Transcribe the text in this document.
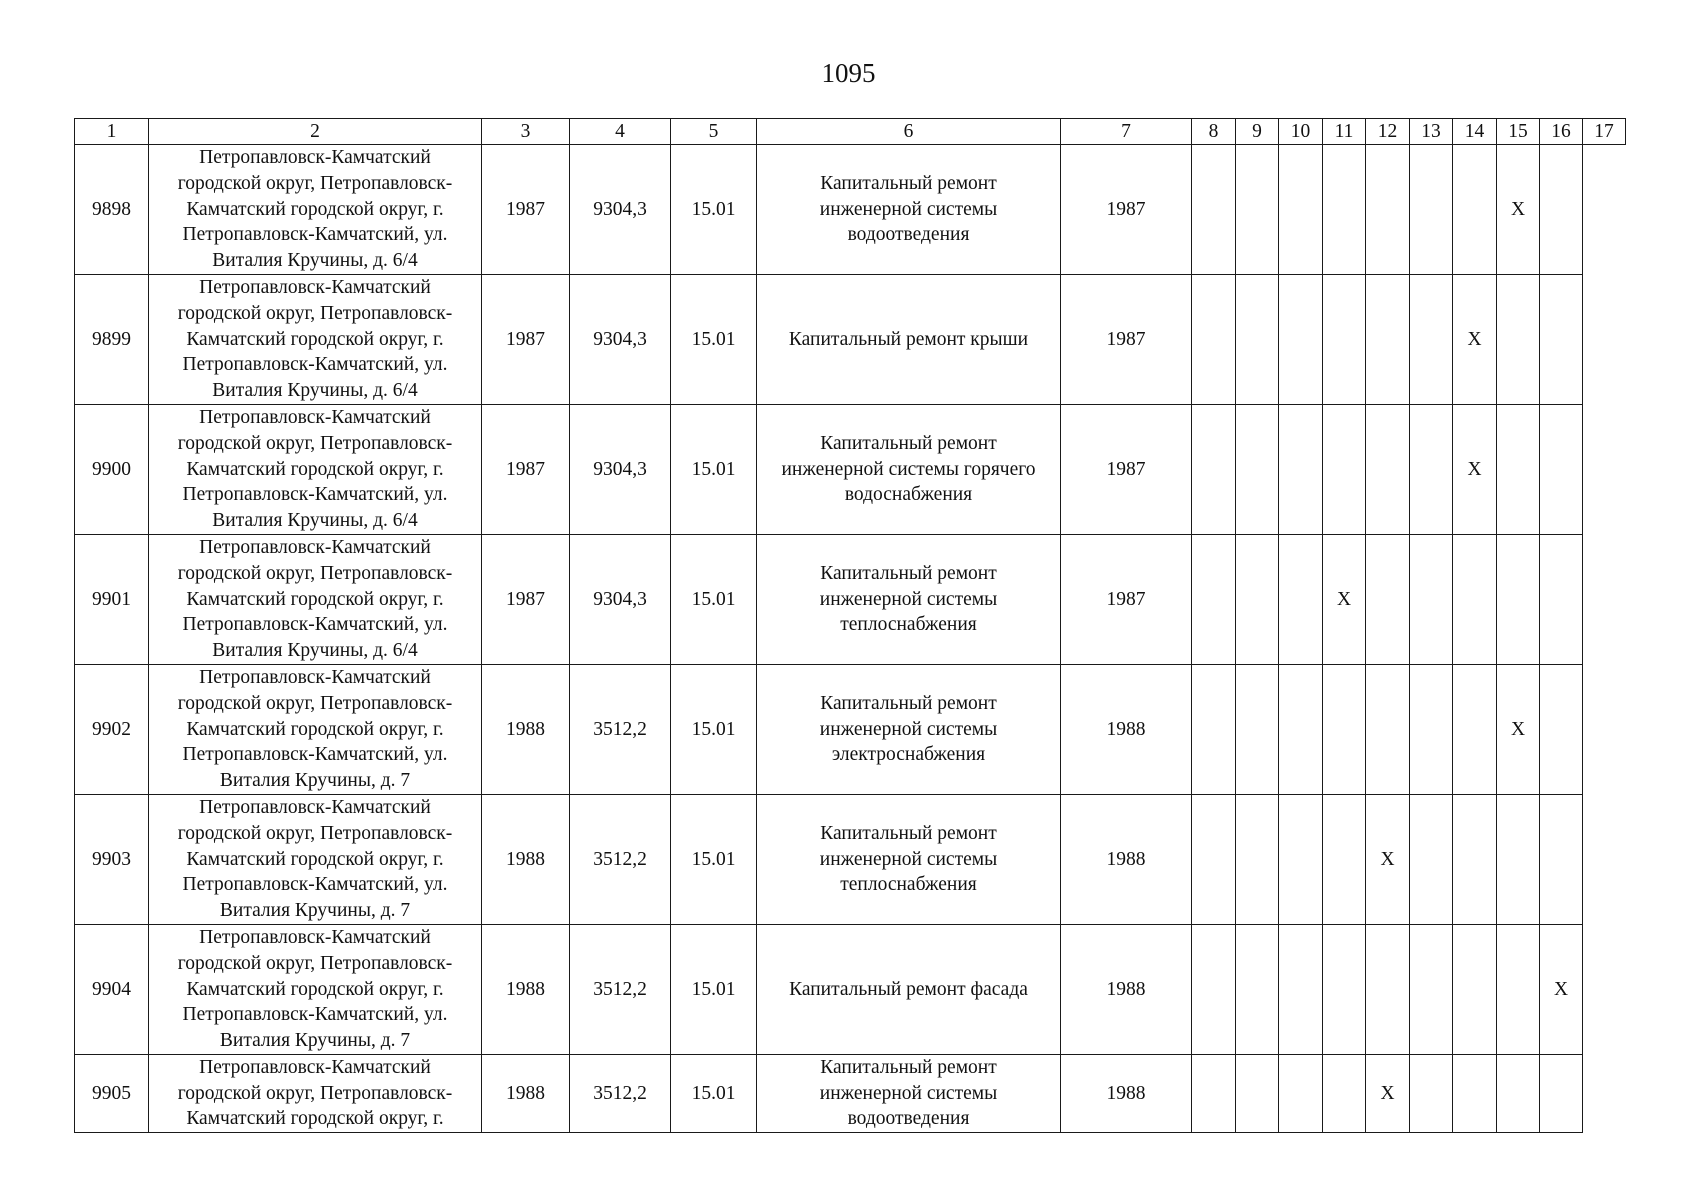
1095
1	2	3	4	5	6	7	8	9	10	11	12	13	14	15	16	17
9898	Петропавловск-Камчатский
городской округ, Петропавловск-
Камчатский городской округ, г.
Петропавловск-Камчатский, ул.
Виталия Кручины, д. 6/4	1987	9304,3	15.01	Капитальный ремонт
инженерной системы
водоотведения	1987								X		
9899	Петропавловск-Камчатский
городской округ, Петропавловск-
Камчатский городской округ, г.
Петропавловск-Камчатский, ул.
Виталия Кручины, д. 6/4	1987	9304,3	15.01	Капитальный ремонт крыши	1987							X			
9900	Петропавловск-Камчатский
городской округ, Петропавловск-
Камчатский городской округ, г.
Петропавловск-Камчатский, ул.
Виталия Кручины, д. 6/4	1987	9304,3	15.01	Капитальный ремонт
инженерной системы горячего
водоснабжения	1987							X			
9901	Петропавловск-Камчатский
городской округ, Петропавловск-
Камчатский городской округ, г.
Петропавловск-Камчатский, ул.
Виталия Кручины, д. 6/4	1987	9304,3	15.01	Капитальный ремонт
инженерной системы
теплоснабжения	1987				X						
9902	Петропавловск-Камчатский
городской округ, Петропавловск-
Камчатский городской округ, г.
Петропавловск-Камчатский, ул.
Виталия Кручины, д. 7	1988	3512,2	15.01	Капитальный ремонт
инженерной системы
электроснабжения	1988								X		
9903	Петропавловск-Камчатский
городской округ, Петропавловск-
Камчатский городской округ, г.
Петропавловск-Камчатский, ул.
Виталия Кручины, д. 7	1988	3512,2	15.01	Капитальный ремонт
инженерной системы
теплоснабжения	1988					X					
9904	Петропавловск-Камчатский
городской округ, Петропавловск-
Камчатский городской округ, г.
Петропавловск-Камчатский, ул.
Виталия Кручины, д. 7	1988	3512,2	15.01	Капитальный ремонт фасада	1988									X	
9905	Петропавловск-Камчатский
городской округ, Петропавловск-
Камчатский городской округ, г.	1988	3512,2	15.01	Капитальный ремонт
инженерной системы
водоотведения	1988					X					
